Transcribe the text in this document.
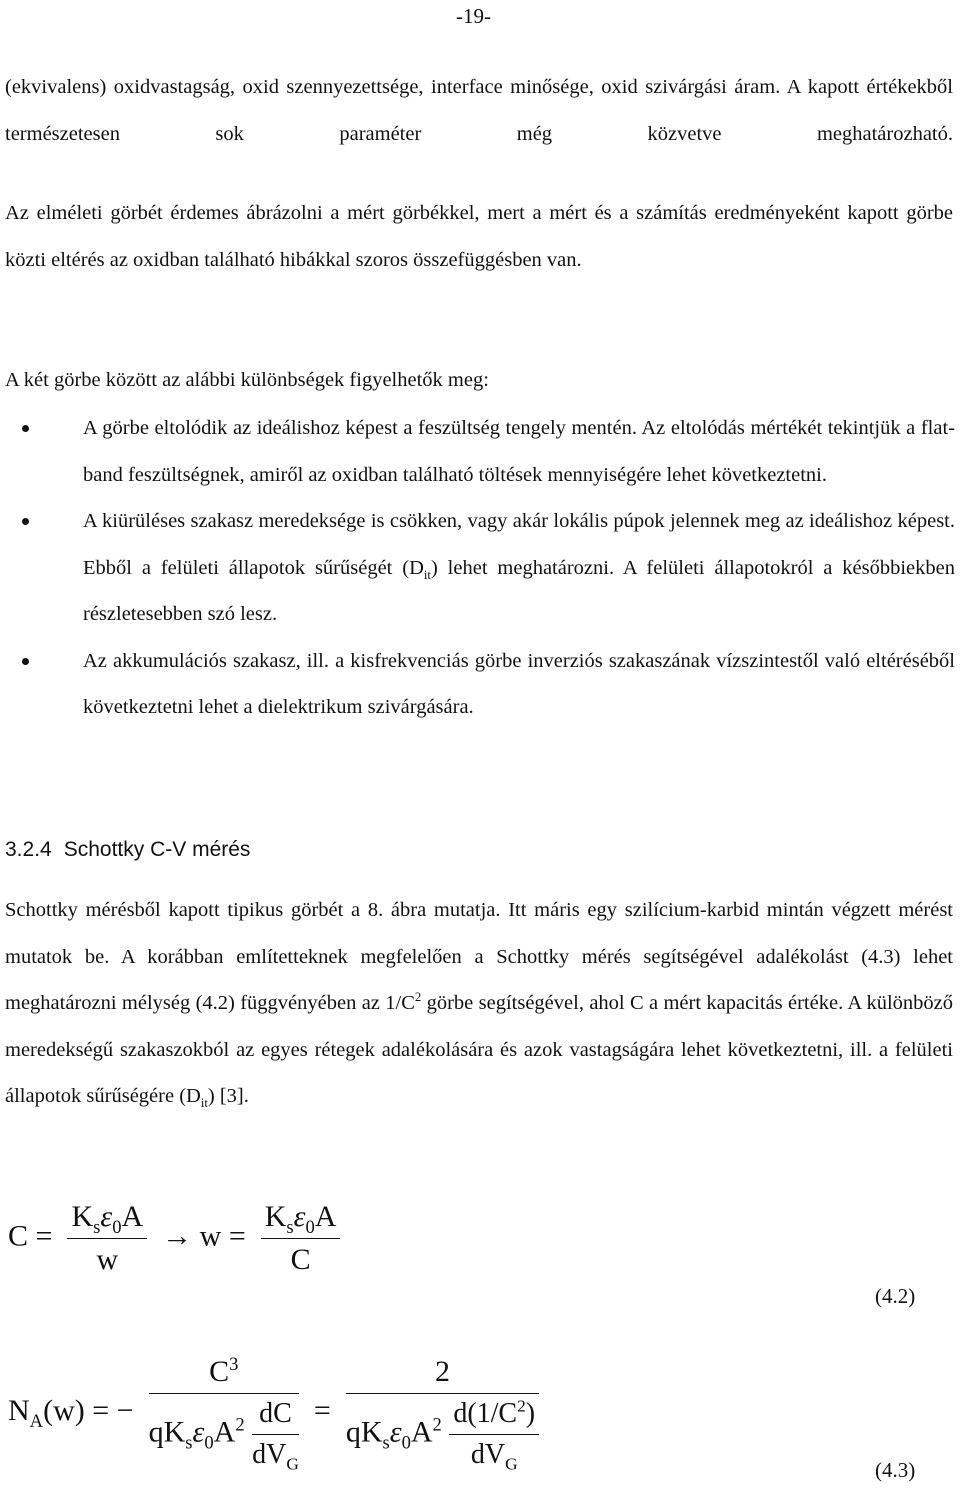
-19-
(ekvivalens) oxidvastagság, oxid szennyezettsége, interface minősége, oxid szivárgási áram. A kapott értékekből természetesen sok paraméter még közvetve meghatározható.
Az elméleti görbét érdemes ábrázolni a mért görbékkel, mert a mért és a számítás eredményeként kapott görbe közti eltérés az oxidban található hibákkal szoros összefüggésben van.
A két görbe között az alábbi különbségek figyelhetők meg:
A görbe eltolódik az ideálishoz képest a feszültség tengely mentén. Az eltolódás mértékét tekintjük a flat-band feszültségnek, amiről az oxidban található töltések mennyiségére lehet következtetni.
A kiürüléses szakasz meredeksége is csökken, vagy akár lokális púpok jelennek meg az ideálishoz képest. Ebből a felületi állapotok sűrűségét $(D_{it})$ lehet meghatározni. A felületi állapotokról a későbbiekben részletesebben szó lesz.
Az akkumulációs szakasz, ill. a kisfrekvenciás görbe inverziós szakaszának vízszintestől való eltéréséből következtetni lehet a dielektrikum szivárgására.
3.2.4 Schottky C-V mérés
Schottky mérésből kapott tipikus görbét a 8. ábra mutatja. Itt máris egy szilícium-karbid mintán végzett mérést mutatok be. A korábban említetteknek megfelelően a Schottky mérés segítségével adalékolást (4.3) lehet meghatározni mélység (4.2) függvényében az $1/C^2$ görbe segítségével, ahol C a mért kapacitás értéke. A különböző meredekségű szakaszokból az egyes rétegek adalékolására és azok vastagságára lehet következtetni, ill. a felületi állapotok sűrűségére $(D_{it})$ [3].
$C = \frac{K_s\varepsilon_0A}{w} \to w = \frac{K_s\varepsilon_0A}{C}$
(4.2)
$N_A(w)$ = − $\frac{C^3}{qK_s\varepsilon_0A^2 \frac{dC}{dV_G}} = \frac{2}{qK_s\varepsilon_0A^2 \frac{d(1/C^2)}{dV_G}}$	(4.3)
